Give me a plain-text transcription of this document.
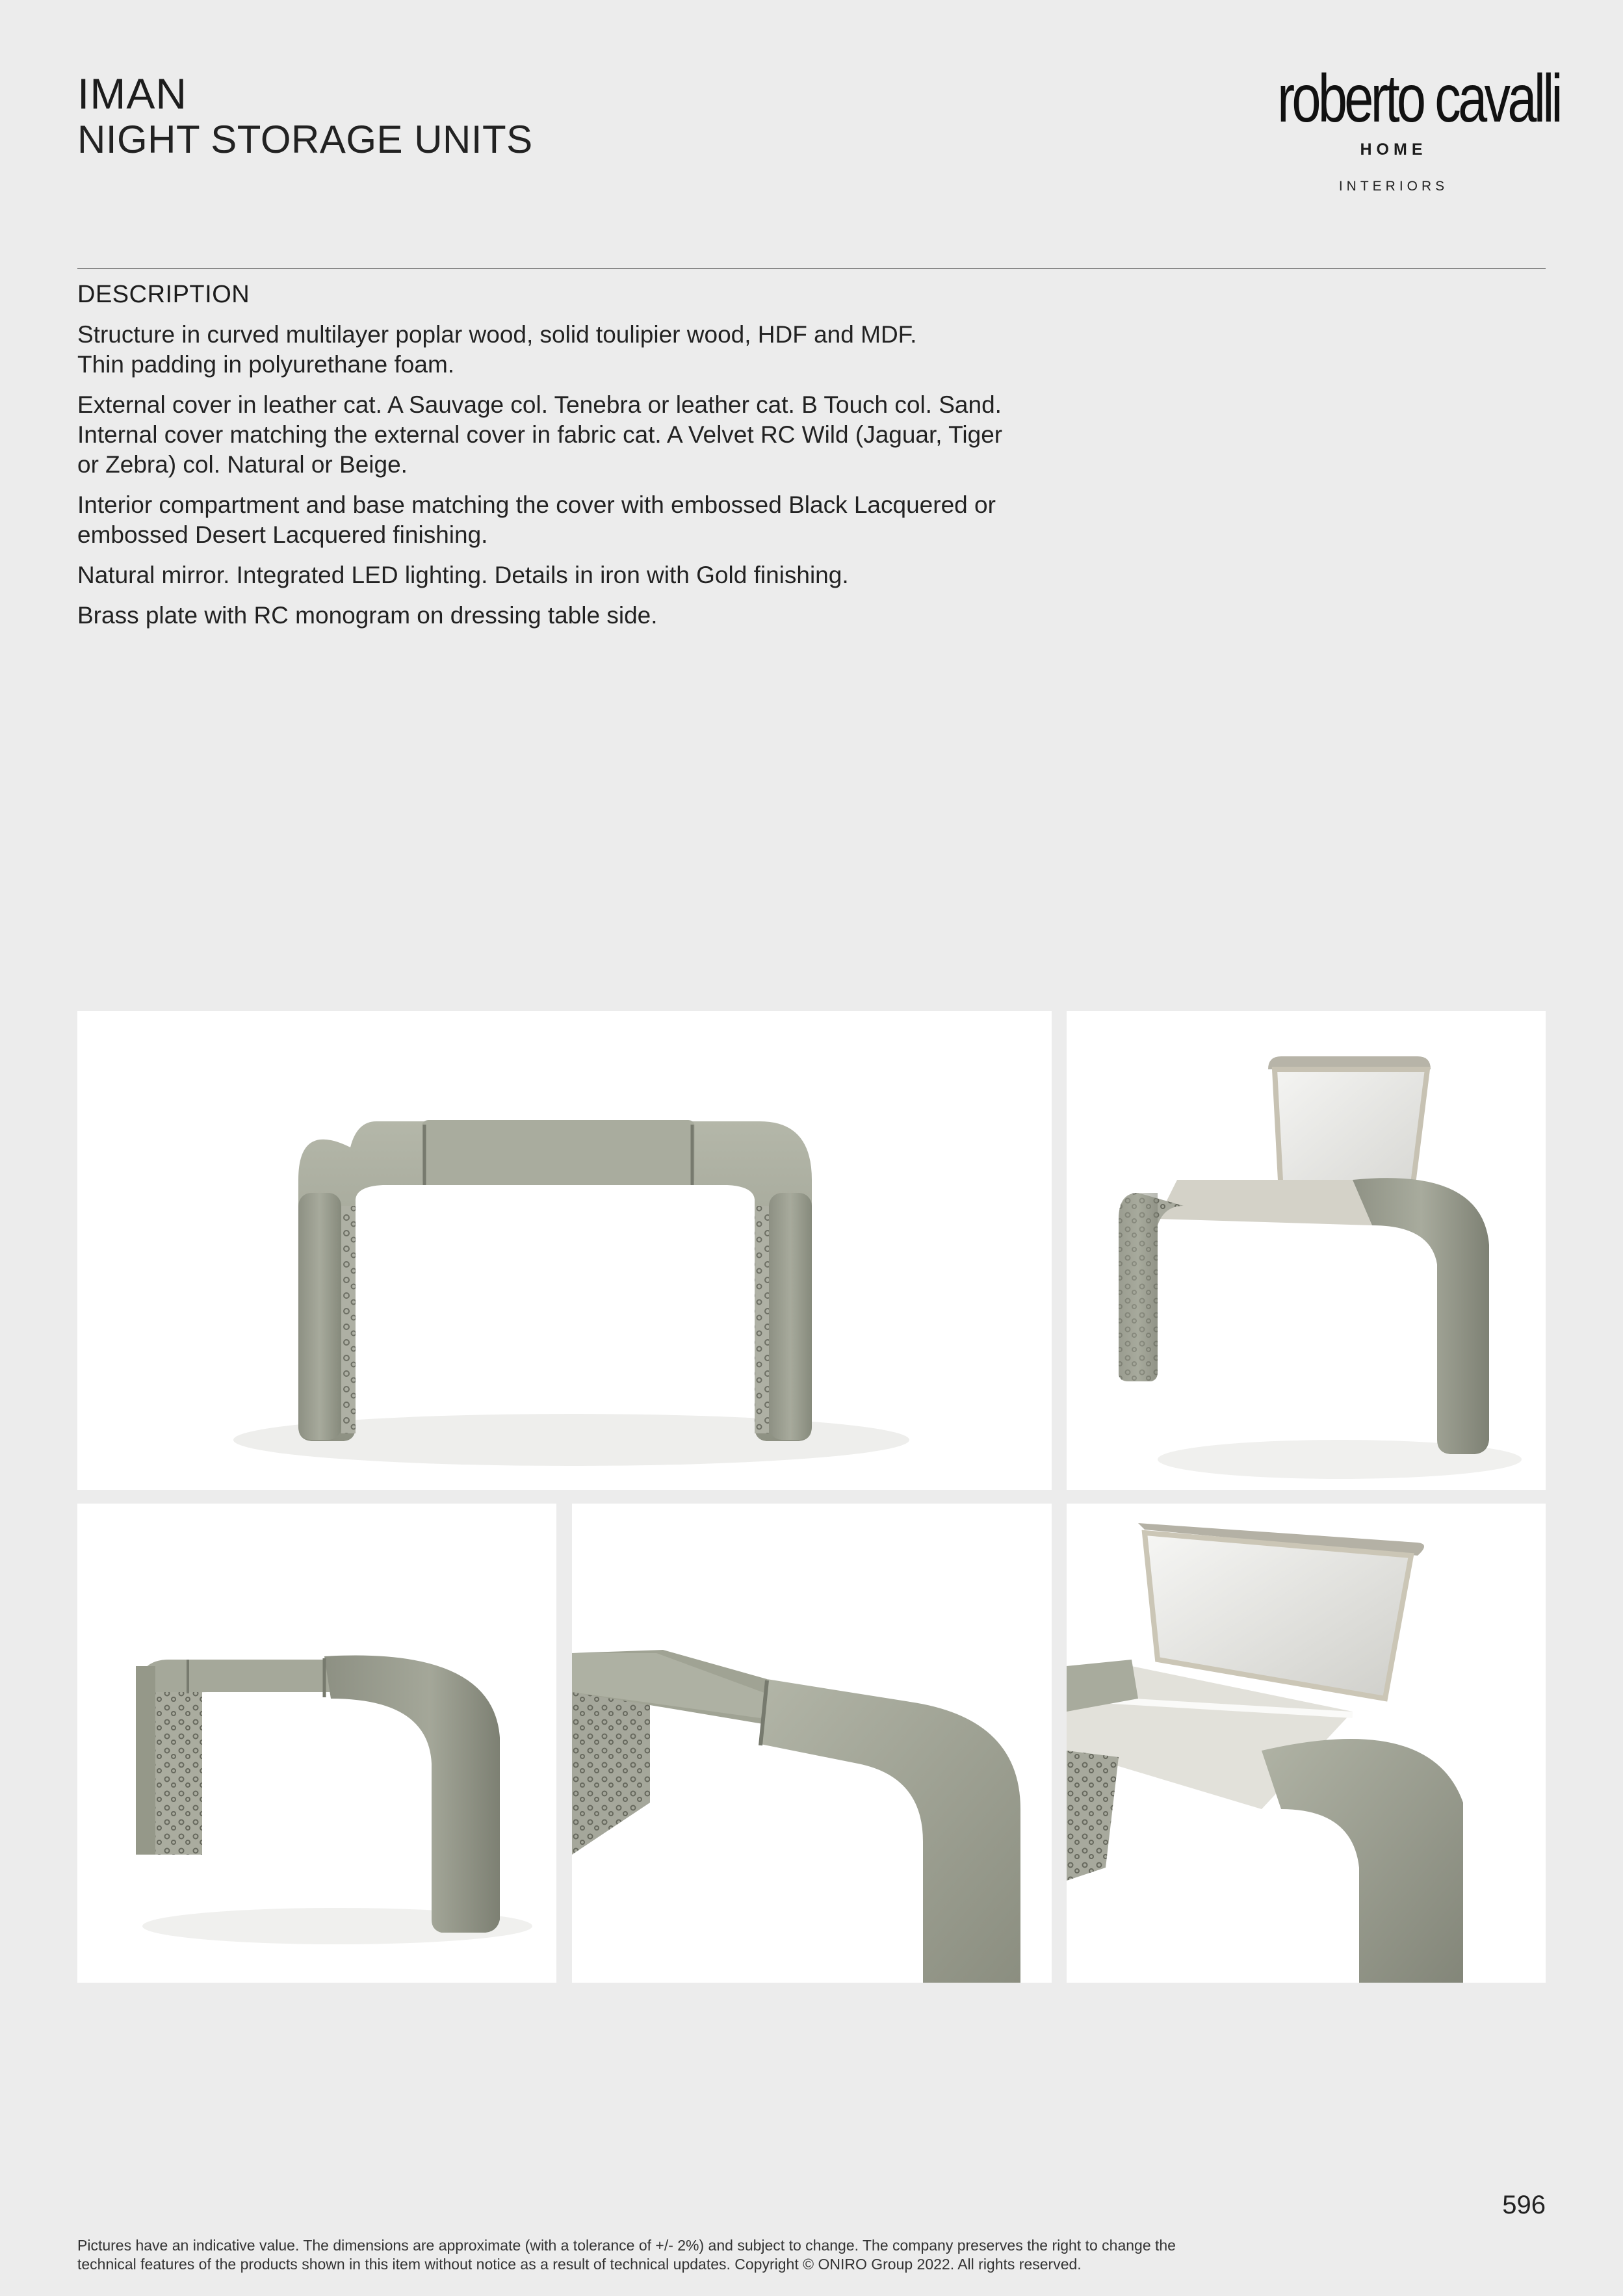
IMAN
NIGHT STORAGE UNITS
roberto cavalli
HOME
INTERIORS
DESCRIPTION

Structure in curved multilayer poplar wood, solid toulipier wood, HDF and MDF.
Thin padding in polyurethane foam.

External cover in leather cat. A Sauvage col. Tenebra or leather cat. B Touch col. Sand.
Internal cover matching the external cover in fabric cat. A Velvet RC Wild (Jaguar, Tiger
or Zebra) col. Natural or Beige.

Interior compartment and base matching the cover with embossed Black Lacquered or
embossed Desert Lacquered finishing.

Natural mirror. Integrated LED lighting. Details in iron with Gold finishing.

Brass plate with RC monogram on dressing table side.

596
Pictures have an indicative value. The dimensions are approximate (with a tolerance of +/- 2%) and subject to change. The company preserves the right to change the
technical features of the products shown in this item without notice as a result of technical updates. Copyright © ONIRO Group 2022. All rights reserved.
